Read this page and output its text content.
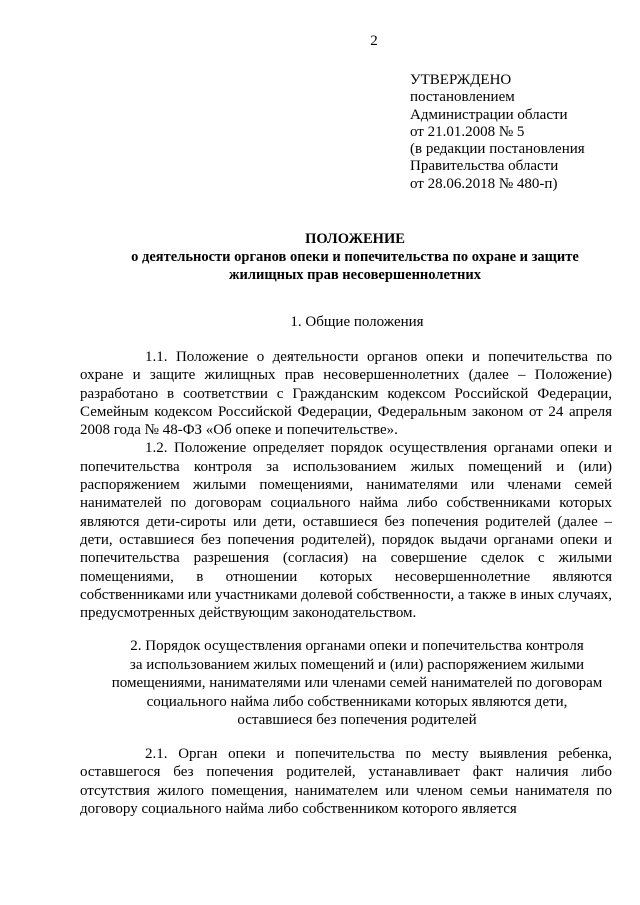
2
УТВЕРЖДЕНО
постановлением
Администрации области
от 21.01.2008 № 5
(в редакции постановления
Правительства области
от 28.06.2018 № 480-п)
ПОЛОЖЕНИЕ
о деятельности органов опеки и попечительства по охране и защите
жилищных прав несовершеннолетних
1. Общие положения

1.1. Положение о деятельности органов опеки и попечительства по охране и защите жилищных прав несовершеннолетних (далее – Положение) разработано в соответствии с Гражданским кодексом Российской Федерации, Семейным кодексом Российской Федерации, Федеральным законом от 24 апреля 2008 года № 48-ФЗ «Об опеке и попечительстве».

1.2. Положение определяет порядок осуществления органами опеки и попечительства контроля за использованием жилых помещений и (или) распоряжением жилыми помещениями, нанимателями или членами семей нанимателей по договорам социального найма либо собственниками которых являются дети-сироты или дети, оставшиеся без попечения родителей (далее – дети, оставшиеся без попечения родителей), порядок выдачи органами опеки и попечительства разрешения (согласия) на совершение сделок с жилыми помещениями, в отношении которых несовершеннолетние являются собственниками или участниками долевой собственности, а также в иных случаях, предусмотренных действующим законодательством.

2. Порядок осуществления органами опеки и попечительства контроля
за использованием жилых помещений и (или) распоряжением жилыми
помещениями, нанимателями или членами семей нанимателей по договорам
социального найма либо собственниками которых являются дети,
оставшиеся без попечения родителей

2.1. Орган опеки и попечительства по месту выявления ребенка, оставшегося без попечения родителей, устанавливает факт наличия либо отсутствия жилого помещения, нанимателем или членом семьи нанимателя по договору социального найма либо собственником которого является
